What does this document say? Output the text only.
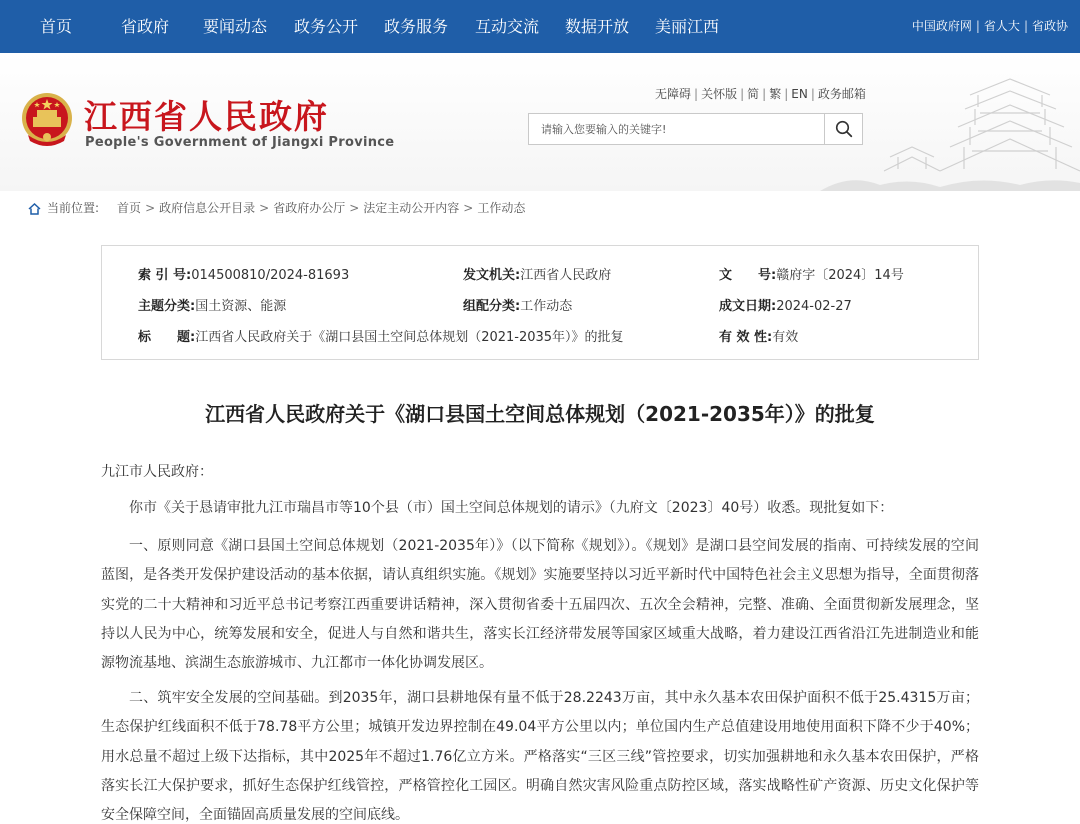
首页	省政府 要闻动态 政务公开 政务服务 互动交流 数据开放 美丽江西	中国政府网 | 省人大 | 省政协
江西省人民政府
People's Government of Jiangxi Province
无障碍 | 关怀版 | 简 | 繁 | EN | 政务邮箱
请输入您要输入的关键字!
当前位置: 首页 > 政府信息公开目录 > 省政府办公厅 > 法定主动公开内容 > 工作动态
索 引 号:014500810/2024-81693	发文机关:江西省人民政府	文　　号:赣府字〔2024〕14号
主题分类:国土资源、能源	组配分类:工作动态	成文日期:2024-02-27
标　　题:江西省人民政府关于《湖口县国土空间总体规划（2021-2035年）》的批复	有 效 性:有效
江西省人民政府关于《湖口县国土空间总体规划（2021-2035年）》的批复
九江市人民政府：

你市《关于恳请审批九江市瑞昌市等10个县（市）国土空间总体规划的请示》（九府文〔2023〕40号）收悉。现批复如下：

一、原则同意《湖口县国土空间总体规划（2021-2035年）》（以下简称《规划》）。《规划》是湖口县空间发展的指南、可持续发展的空间蓝图，是各类开发保护建设活动的基本依据，请认真组织实施。《规划》实施要坚持以习近平新时代中国特色社会主义思想为指导，全面贯彻落实党的二十大精神和习近平总书记考察江西重要讲话精神，深入贯彻省委十五届四次、五次全会精神，完整、准确、全面贯彻新发展理念，坚持以人民为中心，统筹发展和安全，促进人与自然和谐共生，落实长江经济带发展等国家区域重大战略，着力建设江西省沿江先进制造业和能源物流基地、滨湖生态旅游城市、九江都市一体化协调发展区。

二、筑牢安全发展的空间基础。到2035年，湖口县耕地保有量不低于28.2243万亩，其中永久基本农田保护面积不低于25.4315万亩；生态保护红线面积不低于78.78平方公里；城镇开发边界控制在49.04平方公里以内；单位国内生产总值建设用地使用面积下降不少于40%；用水总量不超过上级下达指标，其中2025年不超过1.76亿立方米。严格落实“三区三线”管控要求，切实加强耕地和永久基本农田保护，严格落实长江大保护要求，抓好生态保护红线管控，严格管控化工园区。明确自然灾害风险重点防控区域，落实战略性矿产资源、历史文化保护等安全保障空间，全面锚固高质量发展的空间底线。
